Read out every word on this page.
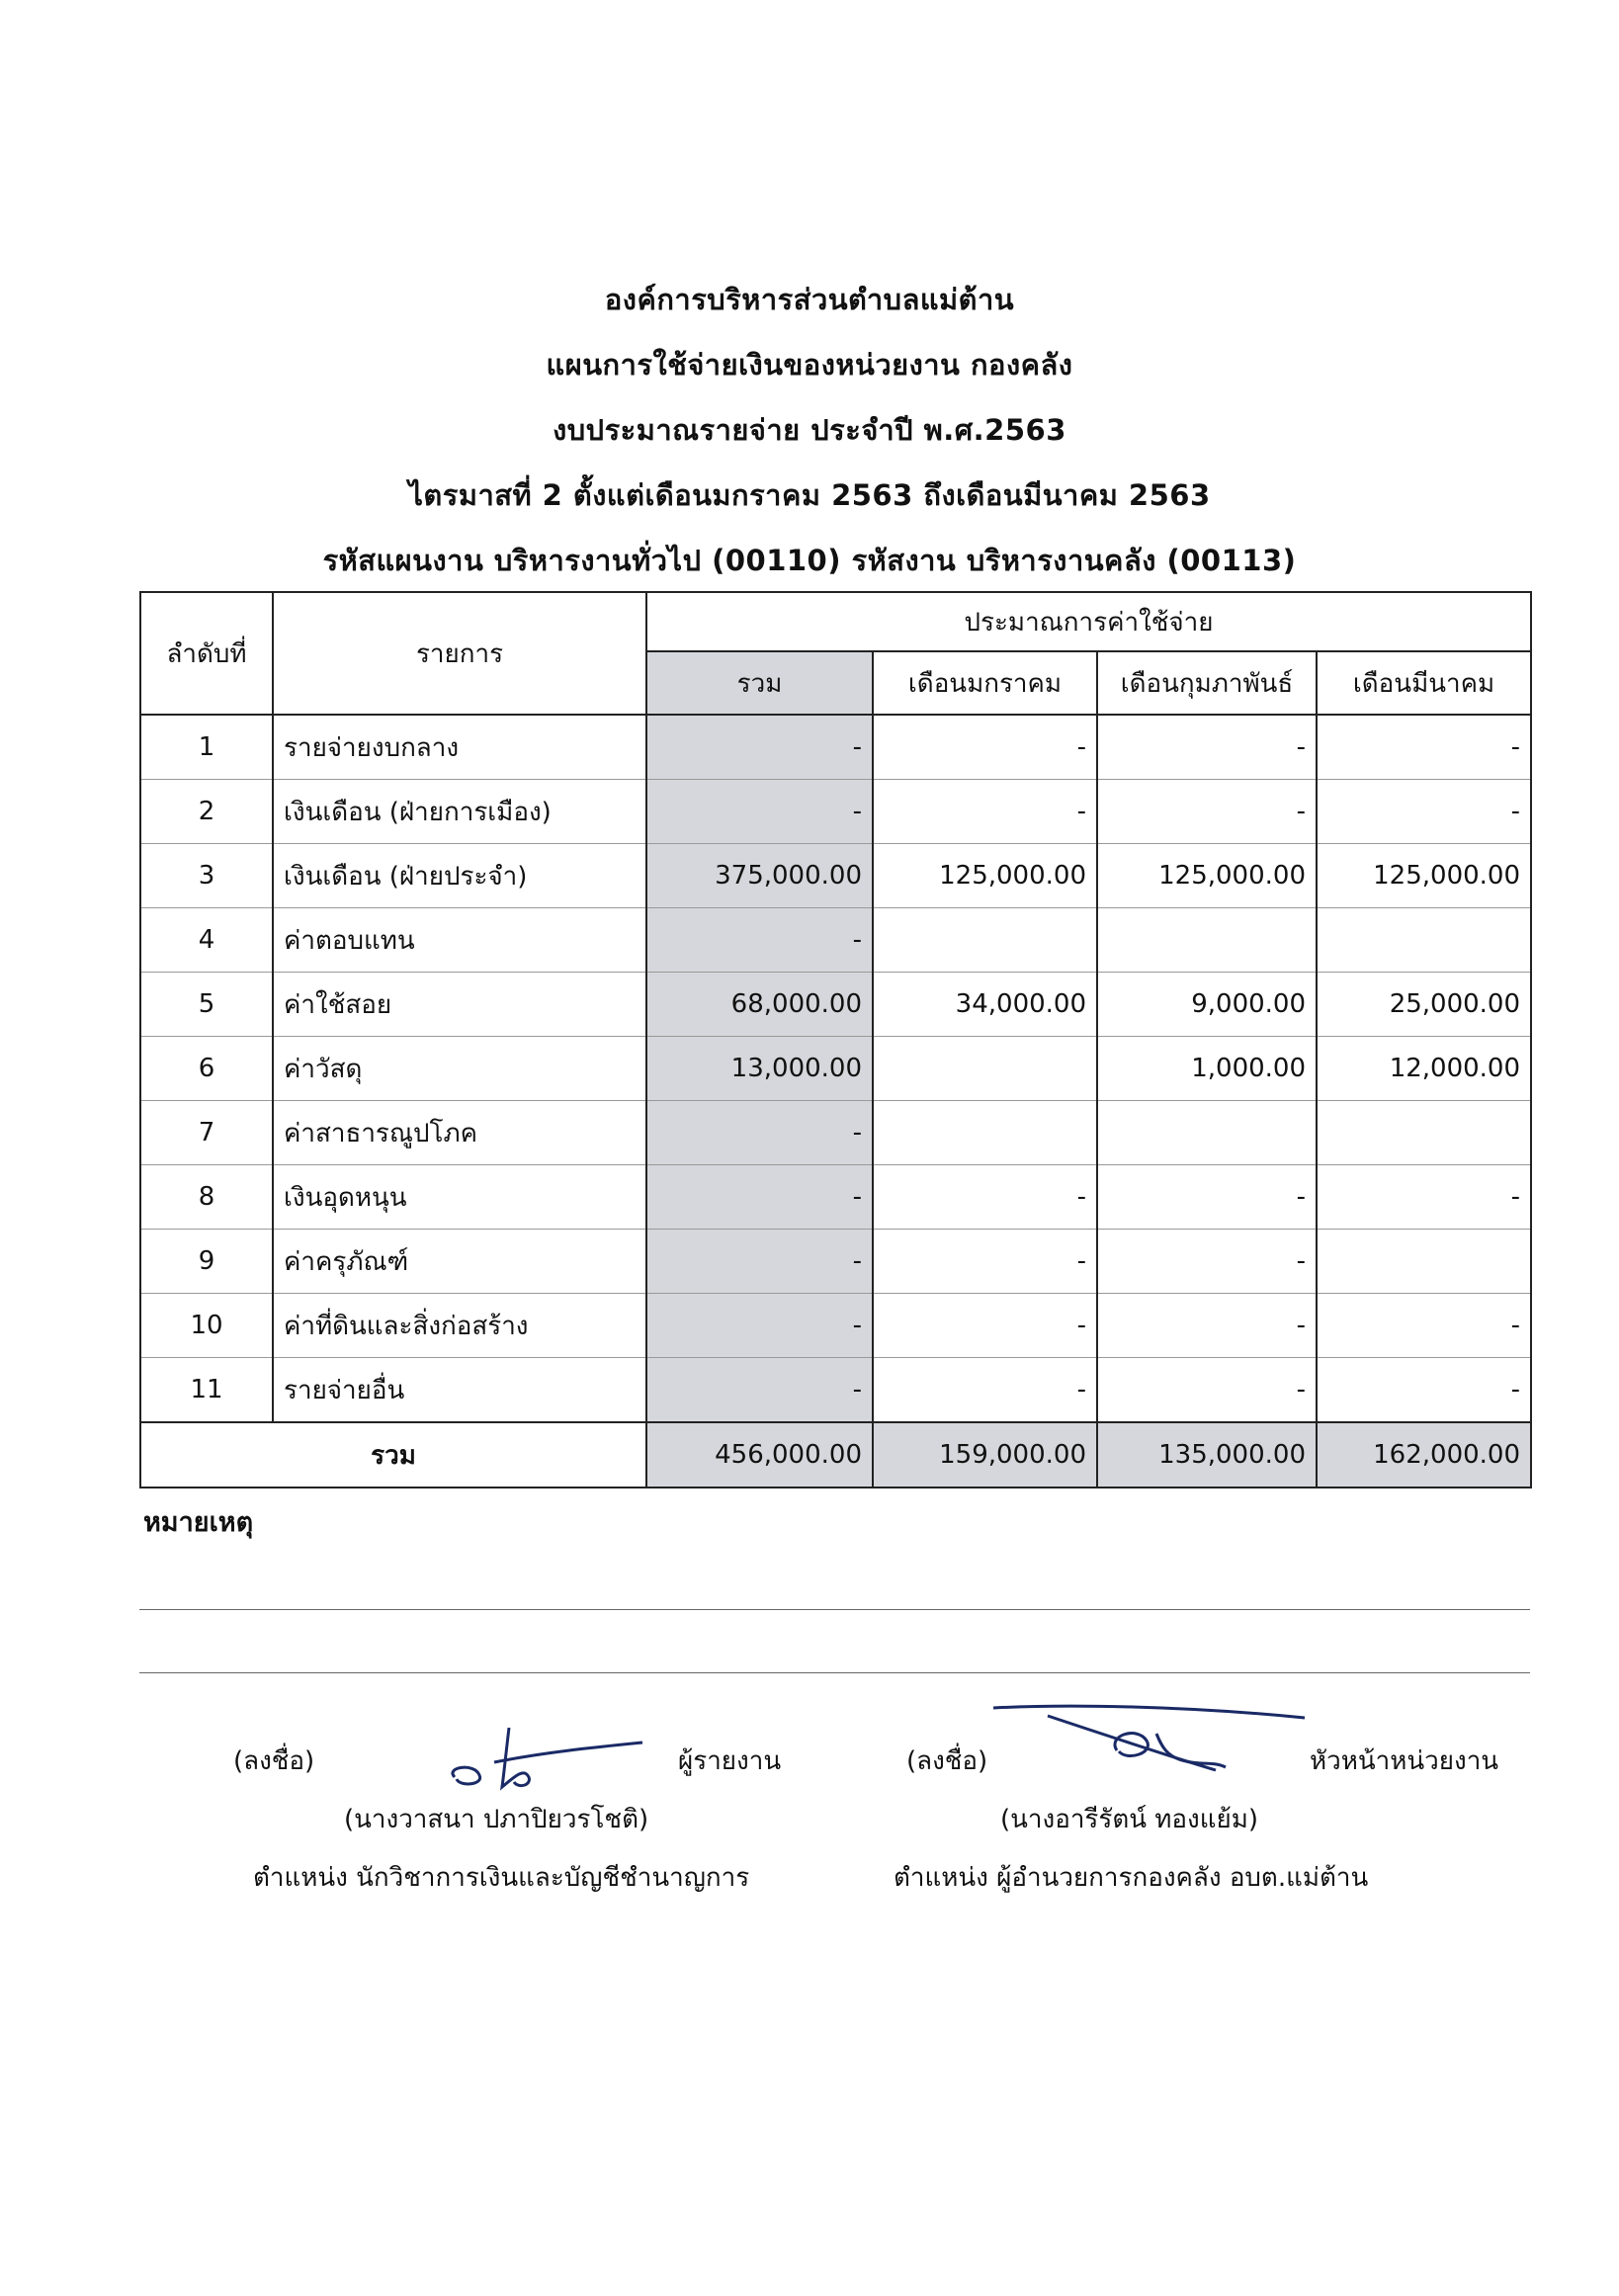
องค์การบริหารส่วนตำบลแม่ต้าน
แผนการใช้จ่ายเงินของหน่วยงาน กองคลัง
งบประมาณรายจ่าย ประจำปี พ.ศ.2563
ไตรมาสที่ 2 ตั้งแต่เดือนมกราคม 2563 ถึงเดือนมีนาคม 2563
รหัสแผนงาน บริหารงานทั่วไป (00110) รหัสงาน บริหารงานคลัง (00113)
ลำดับที่	รายการ	ประมาณการค่าใช้จ่าย			
		รวม	เดือนมกราคม	เดือนกุมภาพันธ์	เดือนมีนาคม
1	รายจ่ายงบกลาง	-	-	-	-
2	เงินเดือน (ฝ่ายการเมือง)	-	-	-	-
3	เงินเดือน (ฝ่ายประจำ)	375,000.00	125,000.00	125,000.00	125,000.00
4	ค่าตอบแทน	-			
5	ค่าใช้สอย	68,000.00	34,000.00	9,000.00	25,000.00
6	ค่าวัสดุ	13,000.00		1,000.00	12,000.00
7	ค่าสาธารณูปโภค	-			
8	เงินอุดหนุน	-	-	-	-
9	ค่าครุภัณฑ์	-	-	-	
10	ค่าที่ดินและสิ่งก่อสร้าง	-	-	-	-
11	รายจ่ายอื่น	-	-	-	-
รวม		456,000.00	159,000.00	135,000.00	162,000.00
หมายเหตุ
(ลงชื่อ)	ผู้รายงาน
(นางวาสนา ปภาปิยวรโชติ)
ตำแหน่ง นักวิชาการเงินและบัญชีชำนาญการ
(ลงชื่อ)	หัวหน้าหน่วยงาน
(นางอารีรัตน์ ทองแย้ม)
ตำแหน่ง ผู้อำนวยการกองคลัง อบต.แม่ต้าน
